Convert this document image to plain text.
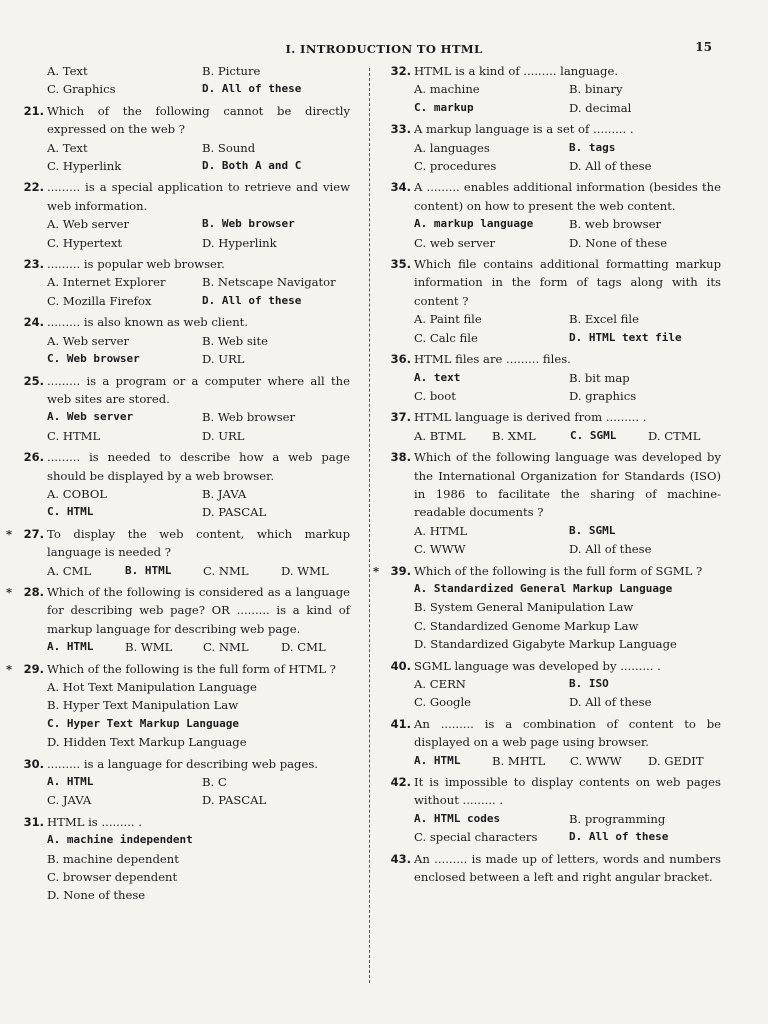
I. INTRODUCTION TO HTML	15
A. Text	B. Picture
C. Graphics	D. All of these
21. Which of the following cannot be directly expressed on the web ?
A. Text	B. Sound
C. Hyperlink	D. Both A and C
22. ......... is a special application to retrieve and view web information.
A. Web server	B. Web browser
C. Hypertext	D. Hyperlink
23. ......... is popular web browser.
A. Internet Explorer	B. Netscape Navigator
C. Mozilla Firefox	D. All of these
24. ......... is also known as web client.
A. Web server	B. Web site
C. Web browser	D. URL
25. ......... is a program or a computer where all the web sites are stored.
A. Web server	B. Web browser
C. HTML	D. URL
26. ......... is needed to describe how a web page should be displayed by a web browser.
A. COBOL	B. JAVA
C. HTML	D. PASCAL
*	27. To display the web content, which markup language is needed ?
A. CML	B. HTML	C. NML	D. WML
*	28. Which of the following is considered as a language for describing web page? OR ......... is a kind of markup language for describing web page.
A. HTML	B. WML	C. NML	D. CML
*	29. Which of the following is the full form of HTML ?
A. Hot Text Manipulation Language
B. Hyper Text Manipulation Law
C. Hyper Text Markup Language
D. Hidden Text Markup Language
30. ......... is a language for describing web pages.
A. HTML	B. C
C. JAVA	D. PASCAL
31. HTML is ......... .
A. machine independent
B. machine dependent
C. browser dependent
D. None of these
32. HTML is a kind of ......... language.
A. machine	B. binary
C. markup	D. decimal
33. A markup language is a set of ......... .
A. languages	B. tags
C. procedures	D. All of these
34. A ......... enables additional information (besides the content) on how to present the web content.
A. markup language	B. web browser
C. web server	D. None of these
35. Which file contains additional formatting markup information in the form of tags along with its content ?
A. Paint file	B. Excel file
C. Calc file	D. HTML text file
36. HTML files are ......... files.
A. text	B. bit map
C. boot	D. graphics
37. HTML language is derived from ......... .
A. BTML	B. XML	C. SGML	D. CTML
38. Which of the following language was developed by the International Organization for Standards (ISO) in 1986 to facilitate the sharing of machine-readable documents ?
A. HTML	B. SGML
C. WWW	D. All of these
*	39. Which of the following is the full form of SGML ?
A. Standardized General Markup Language
B. System General Manipulation Law
C. Standardized Genome Markup Law
D. Standardized Gigabyte Markup Language
40. SGML language was developed by ......... .
A. CERN	B. ISO
C. Google	D. All of these
41. An ......... is a combination of content to be displayed on a web page using browser.
A. HTML	B. MHTL	C. WWW	D. GEDIT
42. It is impossible to display contents on web pages without ......... .
A. HTML codes	B. programming
C. special characters	D. All of these
43. An ......... is made up of letters, words and numbers enclosed between a left and right angular bracket.
